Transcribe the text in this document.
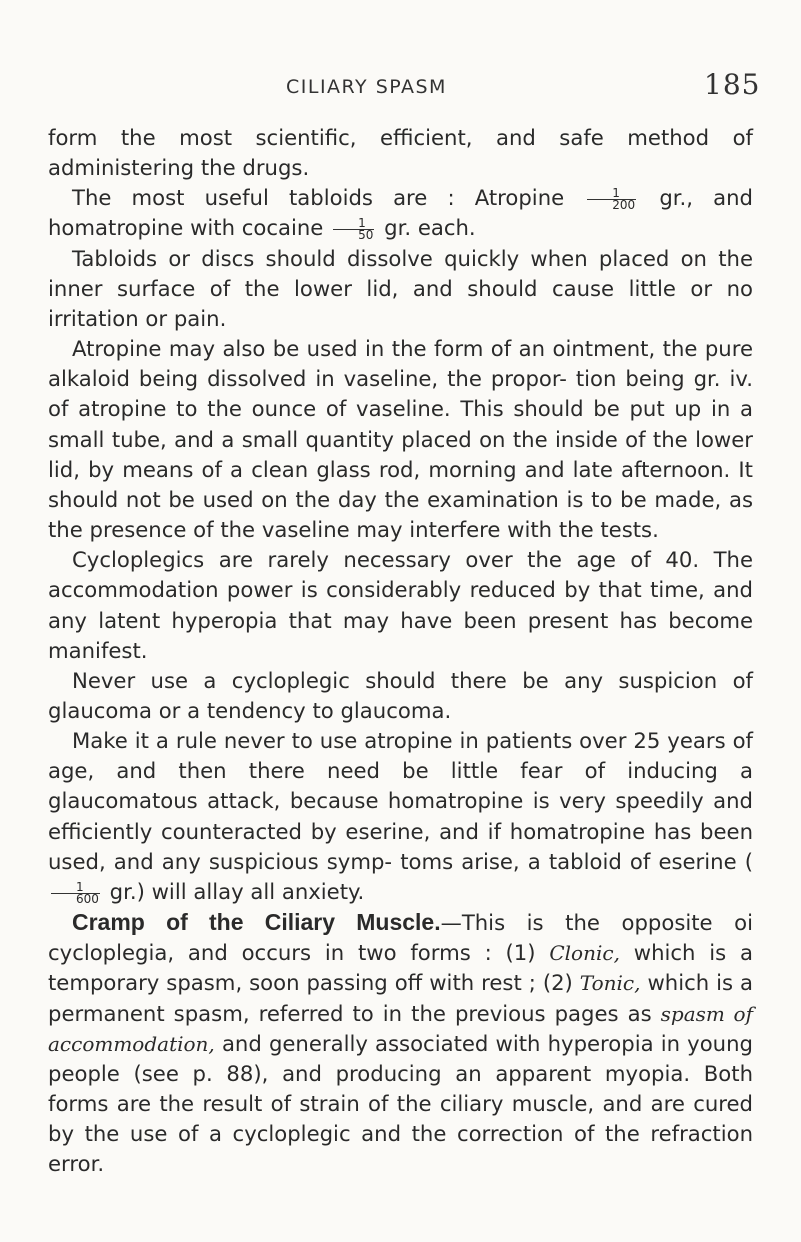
CILIARY SPASM	185

form the most scientific, efficient, and safe method of administering the drugs.

The most useful tabloids are : Atropine $\frac{1}{200}$ gr., and homatropine with cocaine $\frac{1}{50}$ gr. each.

Tabloids or discs should dissolve quickly when placed on the inner surface of the lower lid, and should cause little or no irritation or pain.

Atropine may also be used in the form of an ointment, the pure alkaloid being dissolved in vaseline, the propor- tion being gr. iv. of atropine to the ounce of vaseline. This should be put up in a small tube, and a small quantity placed on the inside of the lower lid, by means of a clean glass rod, morning and late afternoon. It should not be used on the day the examination is to be made, as the presence of the vaseline may interfere with the tests.

Cycloplegics are rarely necessary over the age of 40. The accommodation power is considerably reduced by that time, and any latent hyperopia that may have been present has become manifest.

Never use a cycloplegic should there be any suspicion of glaucoma or a tendency to glaucoma.

Make it a rule never to use atropine in patients over 25 years of age, and then there need be little fear of inducing a glaucomatous attack, because homatropine is very speedily and efficiently counteracted by eserine, and if homatropine has been used, and any suspicious symp- toms arise, a tabloid of eserine (
$\frac{1}{600} gr$.) will allay all anxiety.

Cramp of the Ciliary Muscle.—This is the opposite oi cycloplegia, and occurs in two forms : (1) Clonic, which is a temporary spasm, soon passing off with rest ; (2) Tonic, which is a permanent spasm, referred to in the previous pages as spasm of accommodation, and generally associated with hyperopia in young people (see p. 88), and producing an apparent myopia. Both forms are the result of strain of the ciliary muscle, and are cured by the use of a cycloplegic and the correction of the refraction error.
